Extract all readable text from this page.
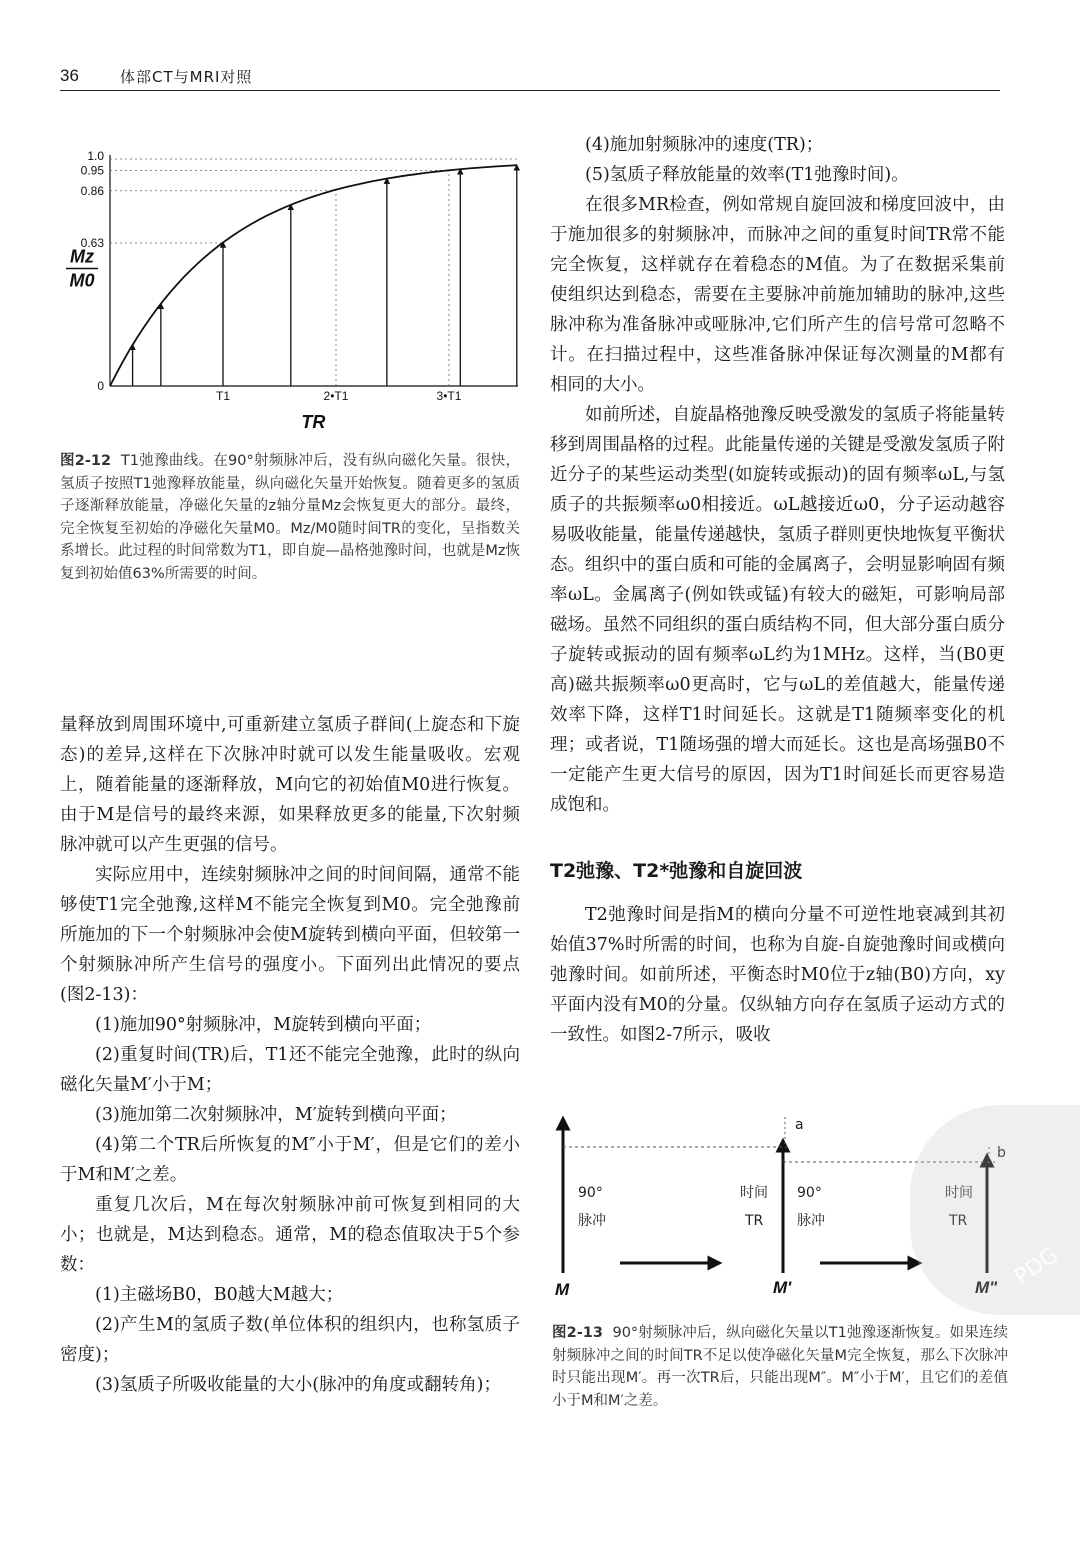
36	体部CT与MRI对照
1.0
0.95
0.86
0.63
0
T1	2•T1	3•T1
Mz
M0
TR

图2-12 T1弛豫曲线。在90°射频脉冲后，没有纵向磁化矢量。很快，氢质子按照T1弛豫释放能量，纵向磁化矢量开始恢复。随着更多的氢质子逐渐释放能量，净磁化矢量的z轴分量Mz会恢复更大的部分。最终，完全恢复至初始的净磁化矢量M0。Mz/M0随时间TR的变化，呈指数关系增长。此过程的时间常数为T1，即自旋—晶格弛豫时间，也就是Mz恢复到初始值63%所需要的时间。

量释放到周围环境中,可重新建立氢质子群间(上旋态和下旋态)的差异,这样在下次脉冲时就可以发生能量吸收。宏观上，随着能量的逐渐释放，M向它的初始值M0进行恢复。由于M是信号的最终来源，如果释放更多的能量,下次射频脉冲就可以产生更强的信号。

实际应用中，连续射频脉冲之间的时间间隔，通常不能够使T1完全弛豫,这样M不能完全恢复到M0。完全弛豫前所施加的下一个射频脉冲会使M旋转到横向平面，但较第一个射频脉冲所产生信号的强度小。下面列出此情况的要点(图2-13)：

(1)施加90°射频脉冲，M旋转到横向平面；

(2)重复时间(TR)后，T1还不能完全弛豫，此时的纵向磁化矢量M′小于M；

(3)施加第二次射频脉冲，M′旋转到横向平面；

(4)第二个TR后所恢复的M″小于M′，但是它们的差小于M和M′之差。

重复几次后，M在每次射频脉冲前可恢复到相同的大小；也就是，M达到稳态。通常，M的稳态值取决于5个参数：

(1)主磁场B0，B0越大M越大；

(2)产生M的氢质子数(单位体积的组织内，也称氢质子密度)；

(3)氢质子所吸收能量的大小(脉冲的角度或翻转角)；

(4)施加射频脉冲的速度(TR)；

(5)氢质子释放能量的效率(T1弛豫时间)。

在很多MR检查，例如常规自旋回波和梯度回波中，由于施加很多的射频脉冲，而脉冲之间的重复时间TR常不能完全恢复，这样就存在着稳态的M值。为了在数据采集前使组织达到稳态，需要在主要脉冲前施加辅助的脉冲,这些脉冲称为准备脉冲或哑脉冲,它们所产生的信号常可忽略不计。在扫描过程中，这些准备脉冲保证每次测量的M都有相同的大小。

如前所述，自旋晶格弛豫反映受激发的氢质子将能量转移到周围晶格的过程。此能量传递的关键是受激发氢质子附近分子的某些运动类型(如旋转或振动)的固有频率ωL,与氢质子的共振频率ω0相接近。ωL越接近ω0，分子运动越容易吸收能量，能量传递越快，氢质子群则更快地恢复平衡状态。组织中的蛋白质和可能的金属离子，会明显影响固有频率ωL。金属离子(例如铁或锰)有较大的磁矩，可影响局部磁场。虽然不同组织的蛋白质结构不同，但大部分蛋白质分子旋转或振动的固有频率ωL约为1MHz。这样，当(B0更高)磁共振频率ω0更高时，它与ωL的差值越大，能量传递效率下降，这样T1时间延长。这就是T1随频率变化的机理；或者说，T1随场强的增大而延长。这也是高场强B0不一定能产生更大信号的原因，因为T1时间延长而更容易造成饱和。

T2弛豫、T2*弛豫和自旋回波

T2弛豫时间是指M的横向分量不可逆性地衰减到其初始值37%时所需的时间，也称为自旋-自旋弛豫时间或横向弛豫时间。如前所述，平衡态时M0位于z轴(B0)方向，xy平面内没有M0的分量。仅纵轴方向存在氢质子运动方式的一致性。如图2-7所示，吸收

a
b
90°
脉冲
时间
TR
90°
脉冲
时间
TR
M	M'	M"

图2-13 90°射频脉冲后，纵向磁化矢量以T1弛豫逐渐恢复。如果连续射频脉冲之间的时间TR不足以使净磁化矢量M完全恢复，那么下次脉冲时只能出现M′。再一次TR后，只能出现M″。M″小于M′，且它们的差值小于M和M′之差。

PDG
